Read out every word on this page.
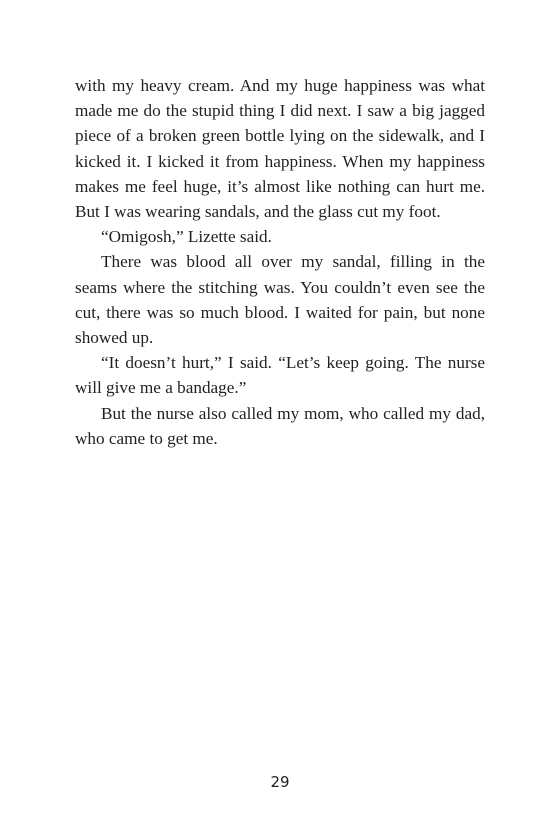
with my heavy cream. And my huge happiness was what made me do the stupid thing I did next. I saw a big jagged piece of a broken green bottle lying on the sidewalk, and I kicked it. I kicked it from happiness. When my happiness makes me feel huge, it’s almost like nothing can hurt me. But I was wearing sandals, and the glass cut my foot.

“Omigosh,” Lizette said.

There was blood all over my sandal, filling in the seams where the stitching was. You couldn’t even see the cut, there was so much blood. I waited for pain, but none showed up.

“It doesn’t hurt,” I said. “Let’s keep going. The nurse will give me a bandage.”

But the nurse also called my mom, who called my dad, who came to get me.

29
